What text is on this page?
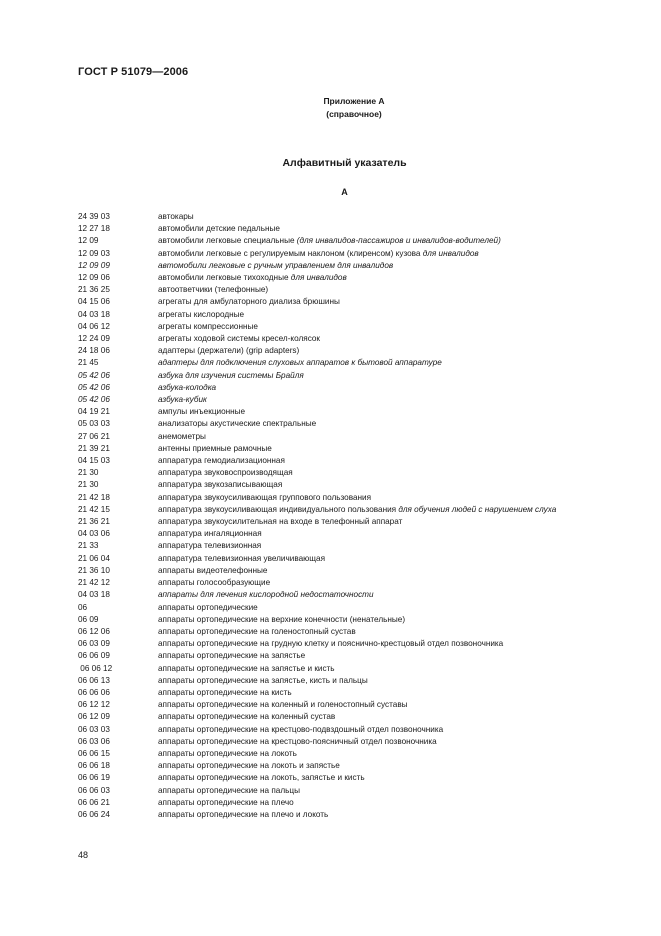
ГОСТ Р 51079—2006
Приложение А
(справочное)
Алфавитный указатель
А
24 39 03	автокары
12 27 18	автомобили детские педальные
12 09	автомобили легковые специальные (для инвалидов-пассажиров и инвалидов-водителей)
12 09 03	автомобили легковые с регулируемым наклоном (клиренсом) кузова для инвалидов
12 09 09	автомобили легковые с ручным управлением для инвалидов
12 09 06	автомобили легковые тихоходные для инвалидов
21 36 25	автоответчики (телефонные)
04 15 06	агрегаты для амбулаторного диализа брюшины
04 03 18	агрегаты кислородные
04 06 12	агрегаты компрессионные
12 24 09	агрегаты ходовой системы кресел-колясок
24 18 06	адаптеры (держатели) (grip adapters)
21 45	адаптеры для подключения слуховых аппаратов к бытовой аппаратуре
05 42 06	азбука для изучения системы Брайля
05 42 06	азбука-колодка
05 42 06	азбука-кубик
04 19 21	ампулы инъекционные
05 03 03	анализаторы акустические спектральные
27 06 21	анемометры
21 39 21	антенны приемные рамочные
04 15 03	аппаратура гемодиализационная
21 30	аппаратура звуковоспроизводящая
21 30	аппаратура звукозаписывающая
21 42 18	аппаратура звукоусиливающая группового пользования
21 42 15	аппаратура звукоусиливающая индивидуального пользования для обучения людей с нарушением слуха
21 36 21	аппаратура звукоусилительная на входе в телефонный аппарат
04 03 06	аппаратура ингаляционная
21 33	аппаратура телевизионная
21 06 04	аппаратура телевизионная увеличивающая
21 36 10	аппараты видеотелефонные
21 42 12	аппараты голосообразующие
04 03 18	аппараты для лечения кислородной недостаточности
06	аппараты ортопедические
06 09	аппараты ортопедические на верхние конечности (ненательные)
06 12 06	аппараты ортопедические на голеностопный сустав
06 03 09	аппараты ортопедические на грудную клетку и пояснично-крестцовый отдел позвоночника
06 06 09	аппараты ортопедические на запястье
06 06 12	аппараты ортопедические на запястье и кисть
06 06 13	аппараты ортопедические на запястье, кисть и пальцы
06 06 06	аппараты ортопедические на кисть
06 12 12	аппараты ортопедические на коленный и голеностопный суставы
06 12 09	аппараты ортопедические на коленный сустав
06 03 03	аппараты ортопедические на крестцово-подвздошный отдел позвоночника
06 03 06	аппараты ортопедические на крестцово-поясничный отдел позвоночника
06 06 15	аппараты ортопедические на локоть
06 06 18	аппараты ортопедические на локоть и запястье
06 06 19	аппараты ортопедические на локоть, запястье и кисть
06 06 03	аппараты ортопедические на пальцы
06 06 21	аппараты ортопедические на плечо
06 06 24	аппараты ортопедические на плечо и локоть
48
